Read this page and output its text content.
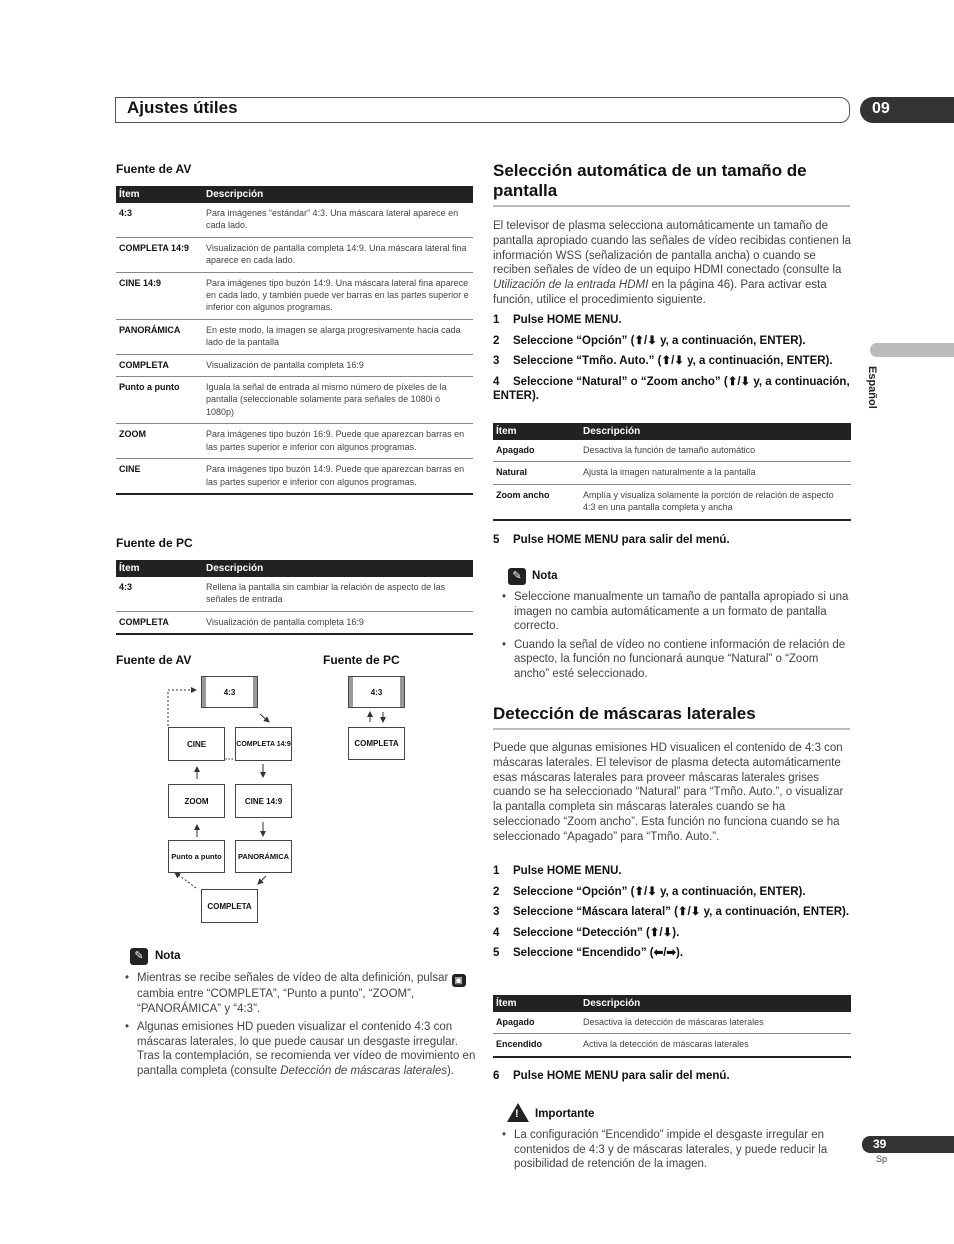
Ajustes útiles	09
Español
Fuente de AV
Ítem	Descripción
4:3	Para imágenes “estándar” 4:3. Una máscara lateral aparece en cada lado.
COMPLETA 14:9	Visualización de pantalla completa 14:9. Una máscara lateral fina aparece en cada lado.
CINE 14:9	Para imágenes tipo buzón 14:9. Una máscara lateral fina aparece en cada lado, y también puede ver barras en las partes superior e inferior con algunos programas.
PANORÁMICA	En este modo, la imagen se alarga progresivamente hacia cada lado de la pantalla
COMPLETA	Visualización de pantalla completa 16:9
Punto a punto	Iguala la señal de entrada al mismo número de píxeles de la pantalla (seleccionable solamente para señales de 1080i ó 1080p)
ZOOM	Para imágenes tipo buzón 16:9. Puede que aparezcan barras en las partes superior e inferior con algunos programas.
CINE	Para imágenes tipo buzón 14:9. Puede que aparezcan barras en las partes superior e inferior con algunos programas.
Fuente de PC
Ítem	Descripción
4:3	Rellena la pantalla sin cambiar la relación de aspecto de las señales de entrada
COMPLETA	Visualización de pantalla completa 16:9
Fuente de AV	Fuente de PC
4:3
CINE	COMPLETA 14:9
ZOOM	CINE 14:9
Punto a punto	PANORÁMICA
COMPLETA
4:3
COMPLETA
✎ Nota
• Mientras se recibe señales de vídeo de alta definición, pulsar ▣ cambia entre “COMPLETA”, “Punto a punto”, “ZOOM”, “PANORÁMICA” y “4:3”.
• Algunas emisiones HD pueden visualizar el contenido 4:3 con máscaras laterales, lo que puede causar un desgaste irregular. Tras la contemplación, se recomienda ver vídeo de movimiento en pantalla completa (consulte Detección de máscaras laterales).
Selección automática de un tamaño de pantalla
El televisor de plasma selecciona automáticamente un tamaño de pantalla apropiado cuando las señales de vídeo recibidas contienen la información WSS (señalización de pantalla ancha) o cuando se reciben señales de vídeo de un equipo HDMI conectado (consulte la Utilización de la entrada HDMI en la página 46). Para activar esta función, utilice el procedimiento siguiente.
1 Pulse HOME MENU.
2 Seleccione “Opción” (⬆/⬇ y, a continuación, ENTER).
3 Seleccione “Tmño. Auto.” (⬆/⬇ y, a continuación, ENTER).
4 Seleccione “Natural” o “Zoom ancho” (⬆/⬇ y, a continuación, ENTER).
Ítem	Descripción
Apagado	Desactiva la función de tamaño automático
Natural	Ajusta la imagen naturalmente a la pantalla
Zoom ancho	Amplía y visualiza solamente la porción de relación de aspecto 4:3 en una pantalla completa y ancha
5 Pulse HOME MENU para salir del menú.
✎ Nota
• Seleccione manualmente un tamaño de pantalla apropiado si una imagen no cambia automáticamente a un formato de pantalla correcto.
• Cuando la señal de vídeo no contiene información de relación de aspecto, la función no funcionará aunque “Natural” o “Zoom ancho” esté seleccionado.
Detección de máscaras laterales
Puede que algunas emisiones HD visualicen el contenido de 4:3 con máscaras laterales. El televisor de plasma detecta automáticamente esas máscaras laterales para proveer máscaras laterales grises cuando se ha seleccionado “Natural” para “Tmño. Auto.”, o visualizar la pantalla completa sin máscaras laterales cuando se ha seleccionado “Zoom ancho”. Esta función no funciona cuando se ha seleccionado “Apagado” para “Tmño. Auto.”.
1 Pulse HOME MENU.
2 Seleccione “Opción” (⬆/⬇ y, a continuación, ENTER).
3 Seleccione “Máscara lateral” (⬆/⬇ y, a continuación, ENTER).
4 Seleccione “Detección” (⬆/⬇).
5 Seleccione “Encendido” (⬅/➡).
Ítem	Descripción
Apagado	Desactiva la detección de máscaras laterales
Encendido	Activa la detección de máscaras laterales
6 Pulse HOME MENU para salir del menú.
! Importante
• La configuración “Encendido” impide el desgaste irregular en contenidos de 4:3 y de máscaras laterales, y puede reducir la posibilidad de retención de la imagen.
39
Sp
